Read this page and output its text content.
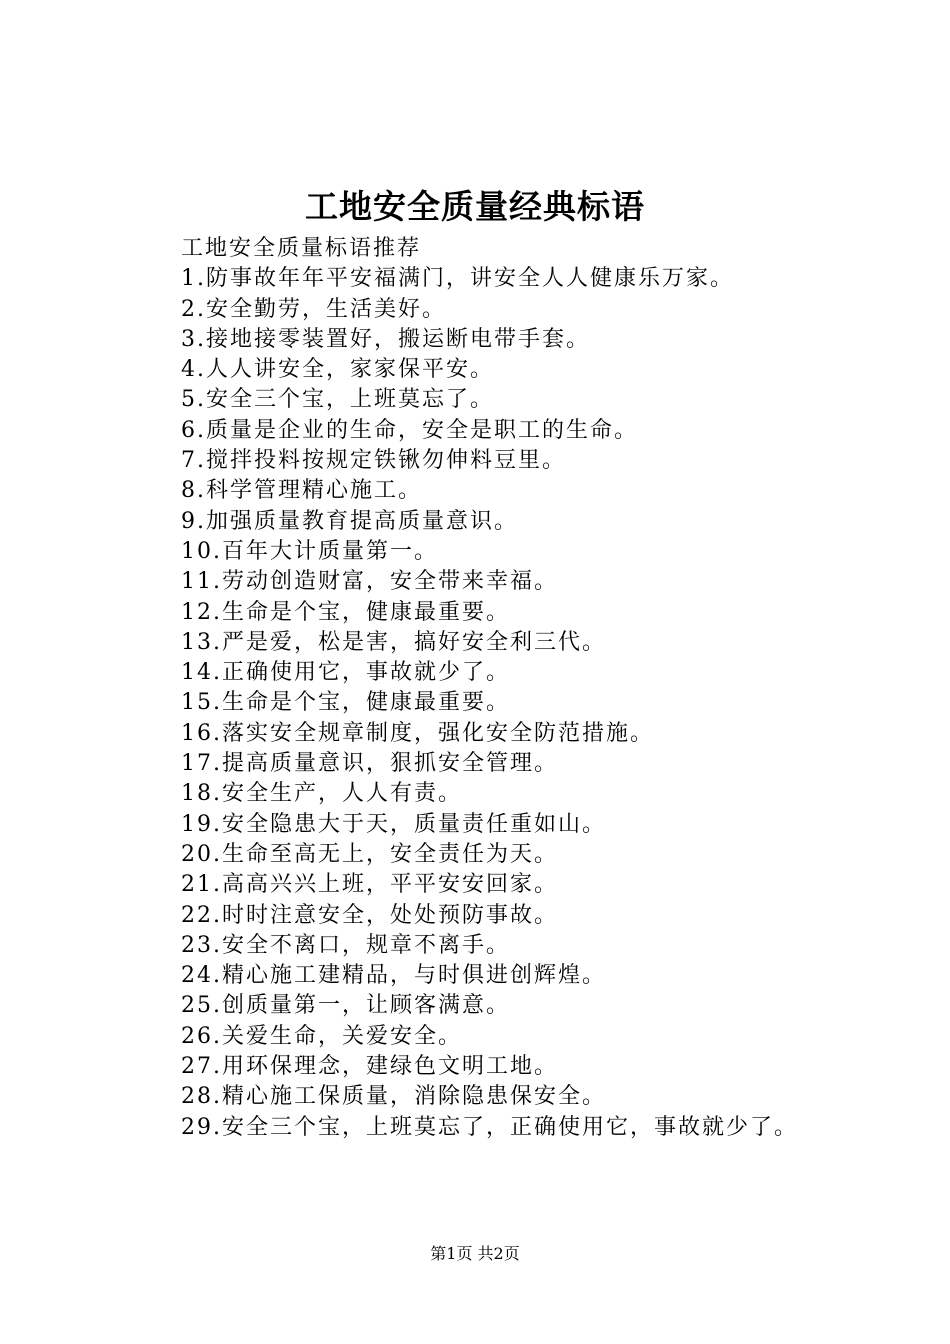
工地安全质量经典标语
工地安全质量标语推荐
1.防事故年年平安福满门，讲安全人人健康乐万家。
2.安全勤劳，生活美好。
3.接地接零装置好，搬运断电带手套。
4.人人讲安全，家家保平安。
5.安全三个宝，上班莫忘了。
6.质量是企业的生命，安全是职工的生命。
7.搅拌投料按规定铁锹勿伸料豆里。
8.科学管理精心施工。
9.加强质量教育提高质量意识。
10.百年大计质量第一。
11.劳动创造财富，安全带来幸福。
12.生命是个宝，健康最重要。
13.严是爱，松是害，搞好安全利三代。
14.正确使用它，事故就少了。
15.生命是个宝，健康最重要。
16.落实安全规章制度，强化安全防范措施。
17.提高质量意识，狠抓安全管理。
18.安全生产，人人有责。
19.安全隐患大于天，质量责任重如山。
20.生命至高无上，安全责任为天。
21.高高兴兴上班，平平安安回家。
22.时时注意安全，处处预防事故。
23.安全不离口，规章不离手。
24.精心施工建精品，与时俱进创辉煌。
25.创质量第一，让顾客满意。
26.关爱生命，关爱安全。
27.用环保理念，建绿色文明工地。
28.精心施工保质量，消除隐患保安全。
29.安全三个宝，上班莫忘了，正确使用它，事故就少了。
第1页 共2页
